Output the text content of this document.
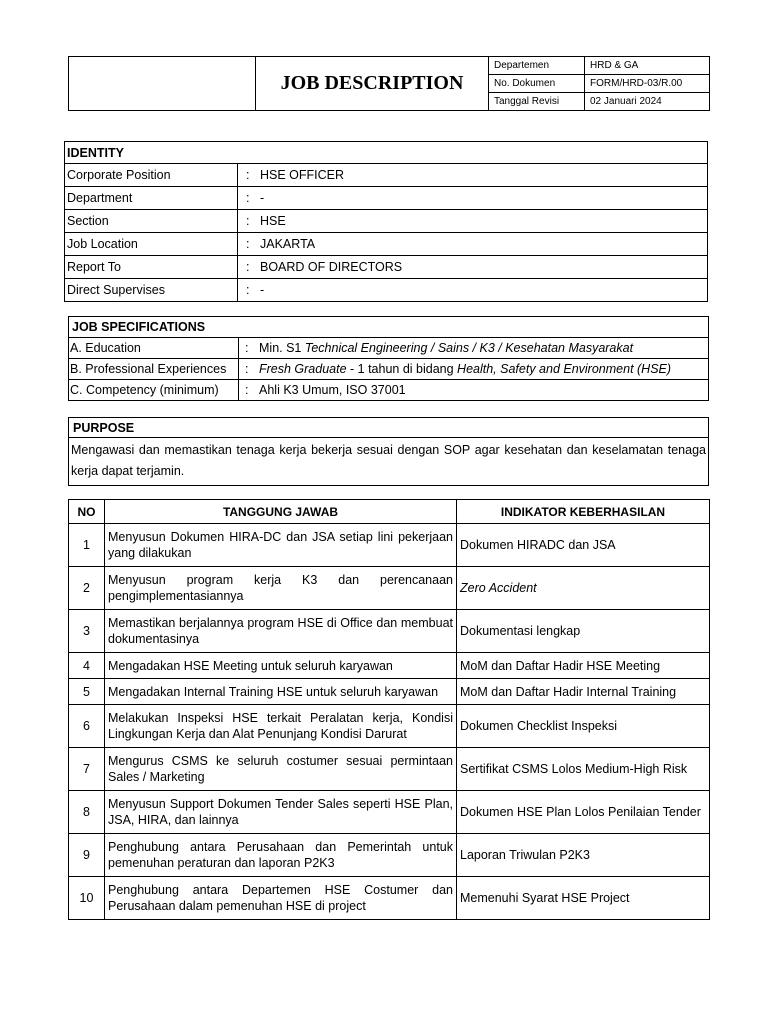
	JOB DESCRIPTION	Departemen	HRD & GA
		No. Dokumen	FORM/HRD-03/R.00
		Tanggal Revisi	02 Januari 2024
IDENTITY	
Corporate Position	: HSE OFFICER
Department	: -
Section	: HSE
Job Location	: JAKARTA
Report To	: BOARD OF DIRECTORS
Direct Supervises	: -
JOB SPECIFICATIONS	
A. Education	: Min. S1 Technical Engineering / Sains / K3 / Kesehatan Masyarakat
B. Professional Experiences	: Fresh Graduate - 1 tahun di bidang Health, Safety and Environment (HSE)
C. Competency (minimum)	: Ahli K3 Umum, ISO 37001
PURPOSE
Mengawasi dan memastikan tenaga kerja bekerja sesuai dengan SOP agar kesehatan dan keselamatan tenaga kerja dapat terjamin.
NO	TANGGUNG JAWAB	INDIKATOR KEBERHASILAN
1	Menyusun Dokumen HIRA-DC dan JSA setiap lini pekerjaan yang dilakukan	Dokumen HIRADC dan JSA
2	Menyusun program kerja K3 dan perencanaan pengimplementasiannya	Zero Accident
3	Memastikan berjalannya program HSE di Office dan membuat dokumentasinya	Dokumentasi lengkap
4	Mengadakan HSE Meeting untuk seluruh karyawan	MoM dan Daftar Hadir HSE Meeting
5	Mengadakan Internal Training HSE untuk seluruh karyawan	MoM dan Daftar Hadir Internal Training
6	Melakukan Inspeksi HSE terkait Peralatan kerja, Kondisi Lingkungan Kerja dan Alat Penunjang Kondisi Darurat	Dokumen Checklist Inspeksi
7	Mengurus CSMS ke seluruh costumer sesuai permintaan Sales / Marketing	Sertifikat CSMS Lolos Medium-High Risk
8	Menyusun Support Dokumen Tender Sales seperti HSE Plan, JSA, HIRA, dan lainnya	Dokumen HSE Plan Lolos Penilaian Tender
9	Penghubung antara Perusahaan dan Pemerintah untuk pemenuhan peraturan dan laporan P2K3	Laporan Triwulan P2K3
10	Penghubung antara Departemen HSE Costumer dan Perusahaan dalam pemenuhan HSE di project	Memenuhi Syarat HSE Project
